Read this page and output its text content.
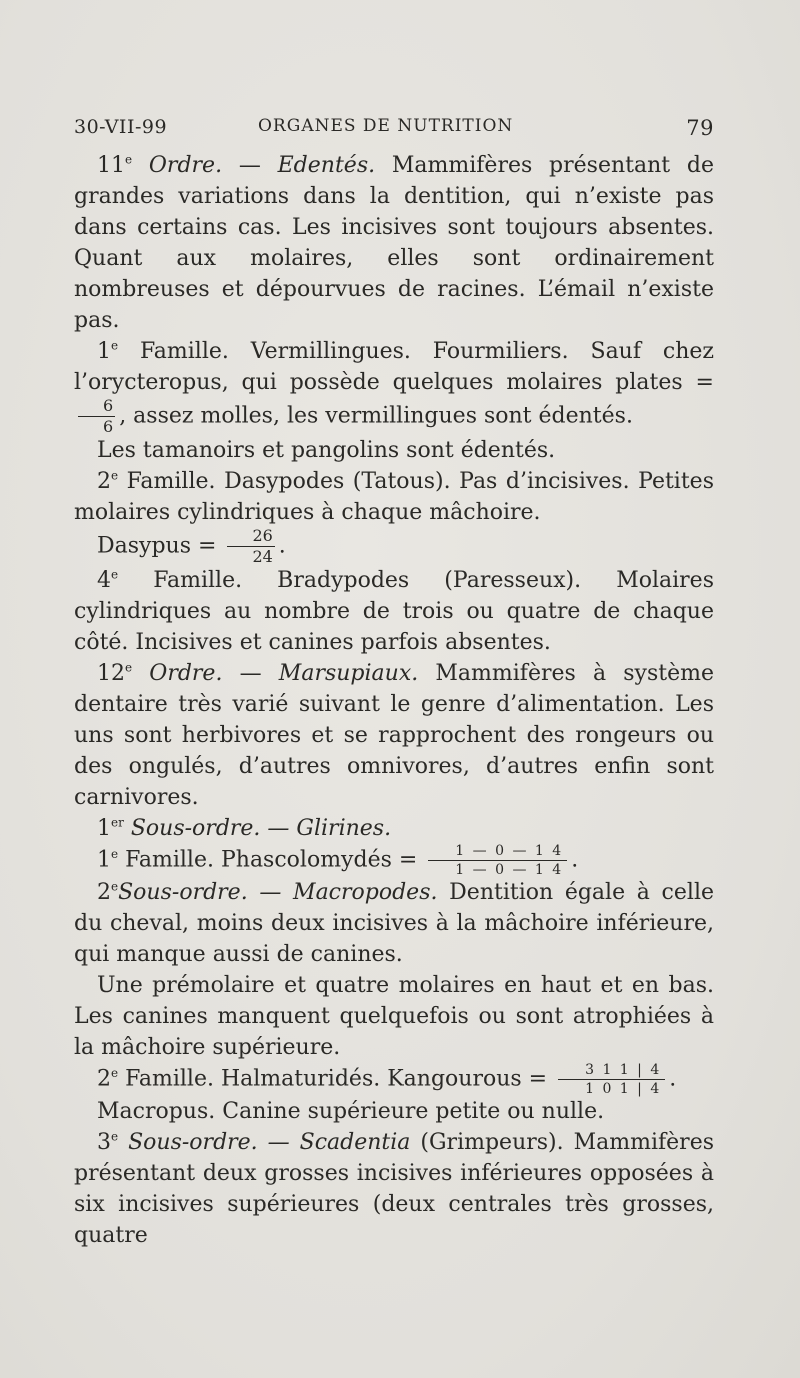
30-VII-99	ORGANES DE NUTRITION	79

11e Ordre. — Edentés. Mammifères présentant de grandes variations dans la dentition, qui n’existe pas dans certains cas. Les incisives sont toujours absentes. Quant aux molaires, elles sont ordinairement nombreuses et dépourvues de racines. L’émail n’existe pas.

1e Famille. Vermillingues. Fourmiliers. Sauf chez l’orycteropus, qui possède quelques molaires plates =
$\frac{6}{6}$ , assez molles, les vermillingues sont édentés.

Les tamanoirs et pangolins sont édentés.

2e Famille. Dasypodes (Tatous). Pas d’incisives. Petites molaires cylindriques à chaque mâchoire.

Dasypus = $\frac{26}{24}$ .

4e Famille. Bradypodes (Paresseux). Molaires cylindriques au nombre de trois ou quatre de chaque côté. Incisives et canines parfois absentes.

12e Ordre. — Marsupiaux. Mammifères à système dentaire très varié suivant le genre d’alimentation. Les uns sont herbivores et se rapprochent des rongeurs ou des ongulés, d’autres omnivores, d’autres enfin sont carnivores.

1er Sous-ordre. — Glirines.

1e Famille. Phascolomydés = $\frac{1 — 0 — 1 4}{1 — 0 — 1 4}$ .

2eSous-ordre. — Macropodes. Dentition égale à celle du cheval, moins deux incisives à la mâchoire inférieure, qui manque aussi de canines.

Une prémolaire et quatre molaires en haut et en bas. Les canines manquent quelquefois ou sont atrophiées à la mâchoire supérieure.

2e Famille. Halmaturidés. Kangourous = $\frac{3 1 1 | 4}{1 0 1 | 4}$ .

Macropus. Canine supérieure petite ou nulle.

3e Sous-ordre. — Scadentia (Grimpeurs). Mammifères présentant deux grosses incisives inférieures opposées à six incisives supérieures (deux centrales très grosses, quatre
